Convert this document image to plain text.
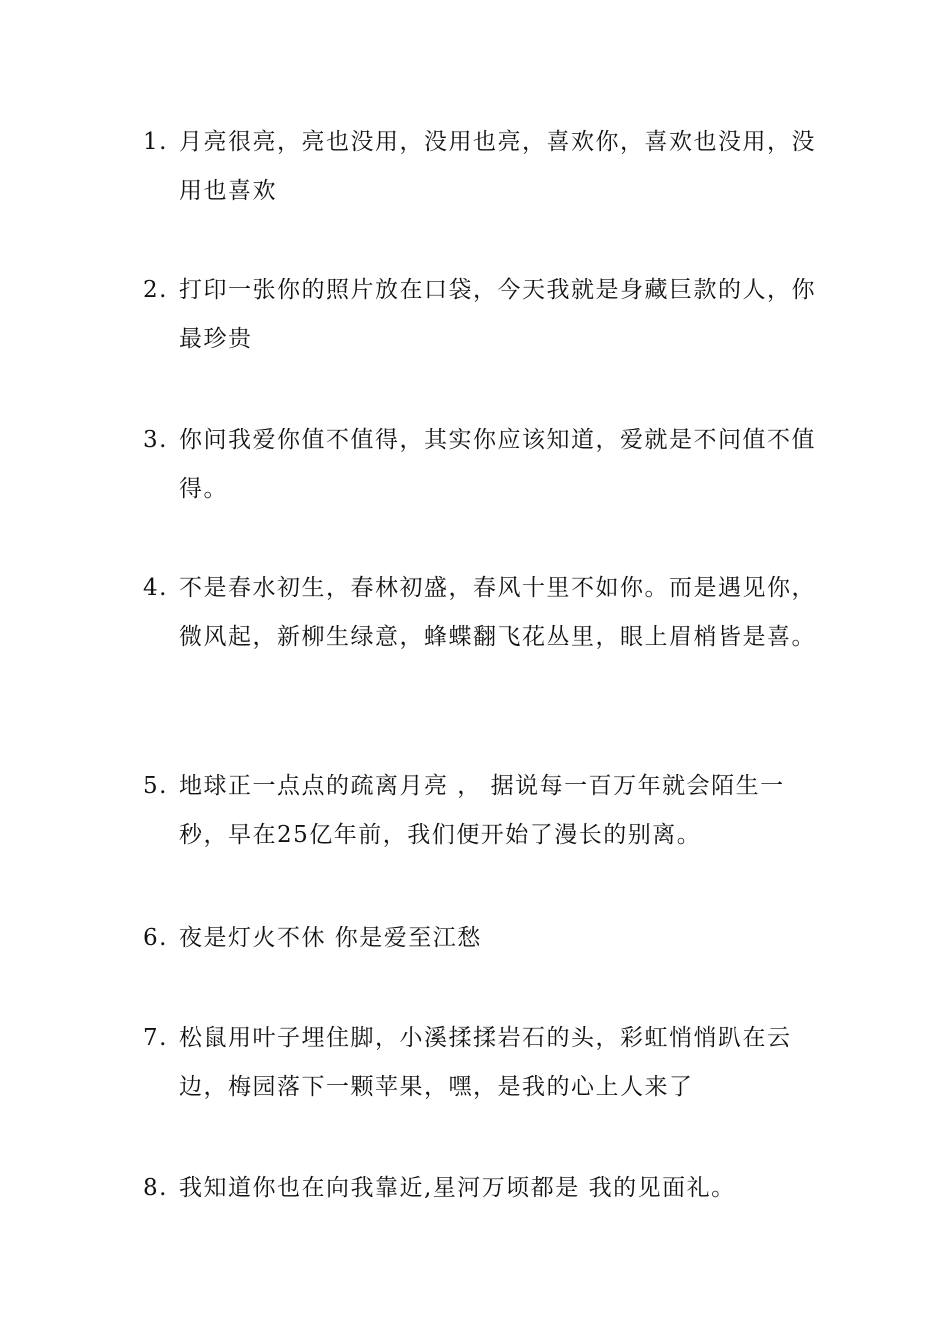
1. 月亮很亮，亮也没用，没用也亮，喜欢你，喜欢也没用，没用也喜欢
2. 打印一张你的照片放在口袋，今天我就是身藏巨款的人，你最珍贵
3. 你问我爱你值不值得，其实你应该知道，爱就是不问值不值得。
4. 不是春水初生，春林初盛，春风十里不如你。而是遇见你，微风起，新柳生绿意，蜂蝶翻飞花丛里，眼上眉梢皆是喜。
5. 地球正一点点的疏离月亮 ， 据说每一百万年就会陌生一秒，早在25亿年前，我们便开始了漫长的别离。
6. 夜是灯火不休 你是爱至江愁
7. 松鼠用叶子埋住脚，小溪揉揉岩石的头，彩虹悄悄趴在云边，梅园落下一颗苹果，嘿，是我的心上人来了
8. 我知道你也在向我靠近,星河万顷都是 我的见面礼。
